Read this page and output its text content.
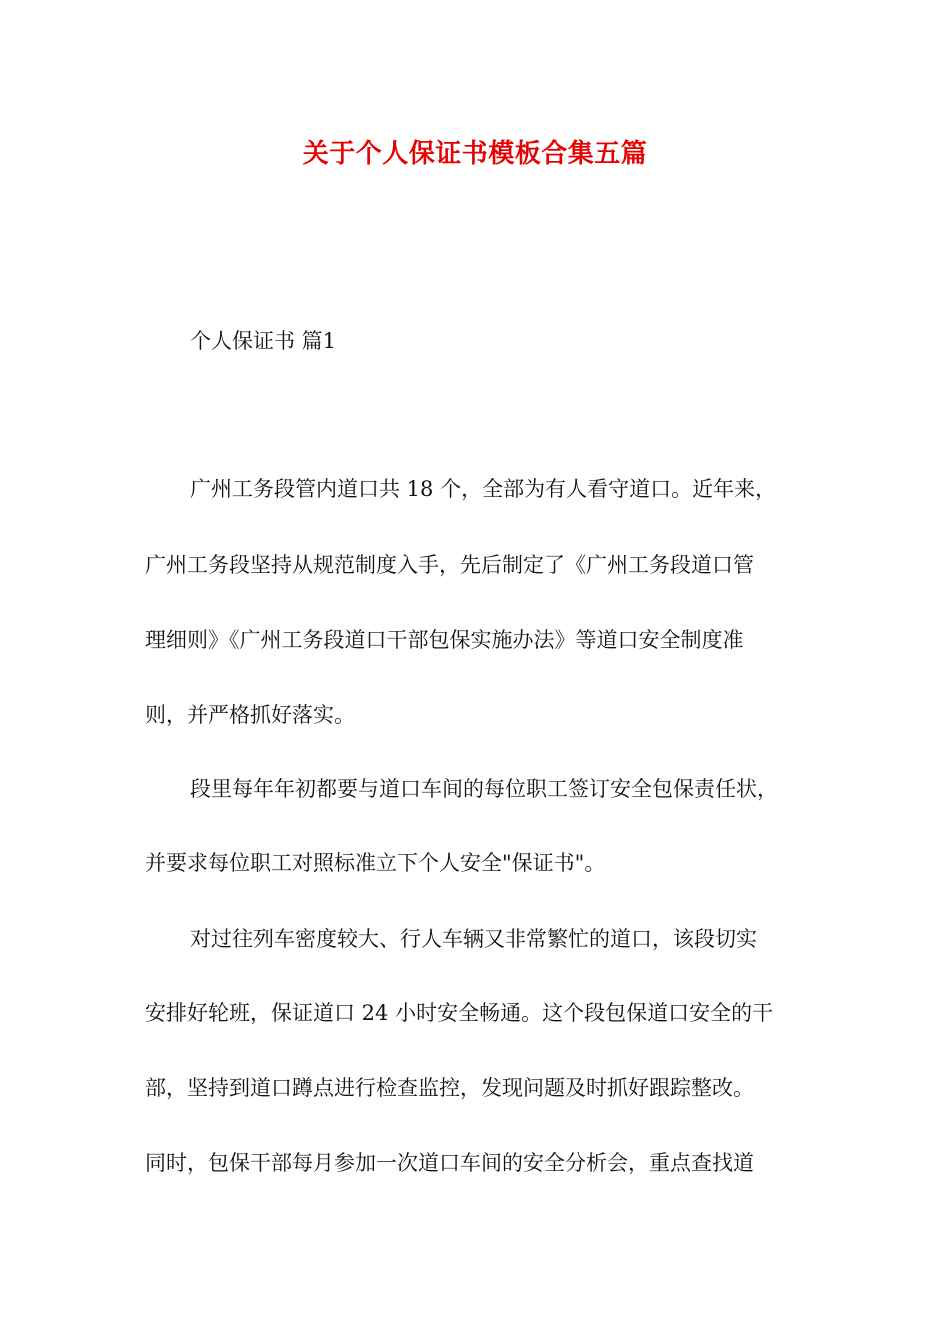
关于个人保证书模板合集五篇
个人保证书 篇1
广州工务段管内道口共 18 个，全部为有人看守道口。近年来，
广州工务段坚持从规范制度入手，先后制定了《广州工务段道口管
理细则》《广州工务段道口干部包保实施办法》等道口安全制度准
则，并严格抓好落实。
段里每年年初都要与道口车间的每位职工签订安全包保责任状，
并要求每位职工对照标准立下个人安全"保证书"。
对过往列车密度较大、行人车辆又非常繁忙的道口，该段切实
安排好轮班，保证道口 24 小时安全畅通。这个段包保道口安全的干
部，坚持到道口蹲点进行检查监控，发现问题及时抓好跟踪整改。
同时，包保干部每月参加一次道口车间的安全分析会，重点查找道
